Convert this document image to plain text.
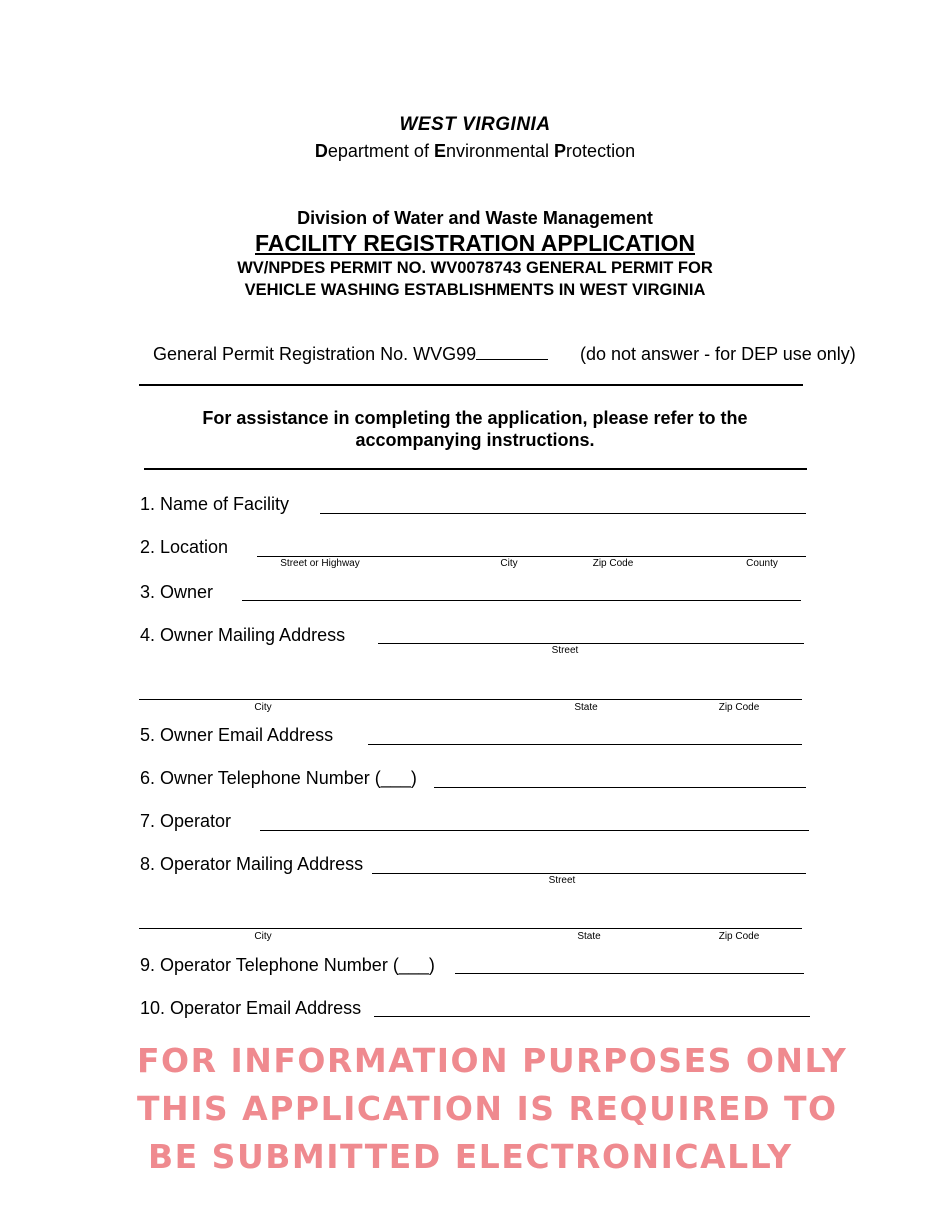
WEST VIRGINIA
Department of Environmental Protection
Division of Water and Waste Management
FACILITY REGISTRATION APPLICATION
WV/NPDES PERMIT NO. WV0078743 GENERAL PERMIT FOR
VEHICLE WASHING ESTABLISHMENTS IN WEST VIRGINIA
General Permit Registration No. WVG99	(do not answer - for DEP use only)
For assistance in completing the application, please refer to the
accompanying instructions.
1. Name of Facility
2. Location
Street or Highway	City	Zip Code	County
3. Owner
4. Owner Mailing Address
Street
City	State	Zip Code
5. Owner Email Address
6. Owner Telephone Number (___)
7. Operator
8. Operator Mailing Address
Street
City	State	Zip Code
9. Operator Telephone Number (___)
10. Operator Email Address
FOR INFORMATION PURPOSES ONLY
THIS APPLICATION IS REQUIRED TO
BE SUBMITTED ELECTRONICALLY
